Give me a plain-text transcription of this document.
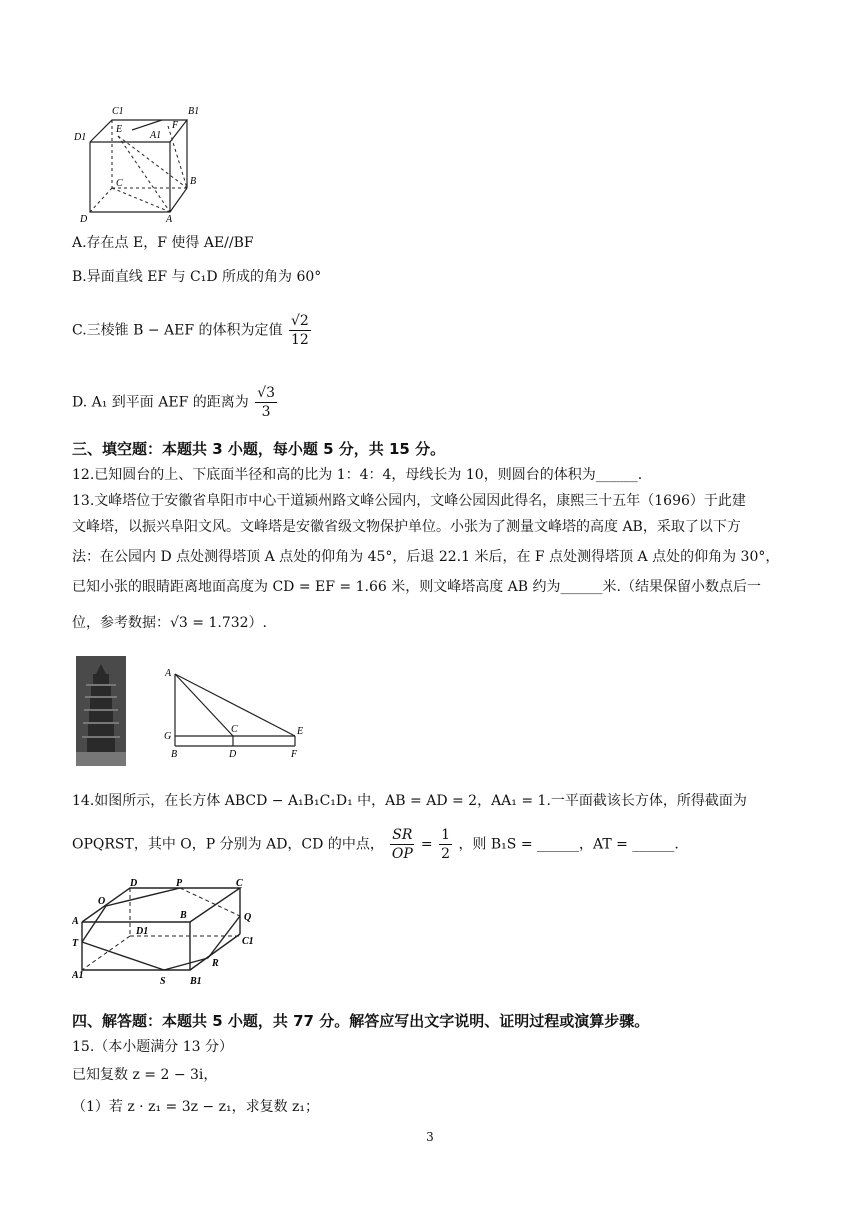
C1	B1
D1	A1
E	F
C	B
D	A
A.存在点 E，F 使得 AE//BF
B.异面直线 EF 与 C₁D 所成的角为 60°
C.三棱锥 B − AEF 的体积为定值 $\frac{√2}{12}$
D. A₁ 到平面 AEF 的距离为 $\frac{√3}{3}$
三、填空题：本题共 3 小题，每小题 5 分，共 15 分。
12.已知圆台的上、下底面半径和高的比为 1：4：4，母线长为 10，则圆台的体积为______.
13.文峰塔位于安徽省阜阳市中心干道颍州路文峰公园内，文峰公园因此得名，康熙三十五年（1696）于此建
文峰塔，以振兴阜阳文风。文峰塔是安徽省级文物保护单位。小张为了测量文峰塔的高度 AB，采取了以下方
法：在公园内 D 点处测得塔顶 A 点处的仰角为 45°，后退 22.1 米后，在 F 点处测得塔顶 A 点处的仰角为 30°，
已知小张的眼睛距离地面高度为 CD = EF = 1.66 米，则文峰塔高度 AB 约为______米.（结果保留小数点后一
位，参考数据：√3 = 1.732）.
A
C	E
G
B	D	F
14.如图所示，在长方体 ABCD − A₁B₁C₁D₁ 中，AB = AD = 2，AA₁ = 1.一平面截该长方体，所得截面为
OPQRST，其中 O，P 分别为 AD，CD 的中点， $\frac{SR}{OP} = \frac{1}{2}$ ，则 B₁S = ______，AT = ______.
D	P	C
O
A
B	Q
T
D1
C1
A1
S B1
R
四、解答题：本题共 5 小题，共 77 分。解答应写出文字说明、证明过程或演算步骤。
15.（本小题满分 13 分）
已知复数 z = 2 − 3i，
（1）若 z · z₁ = 3z − z₁，求复数 z₁；
3
